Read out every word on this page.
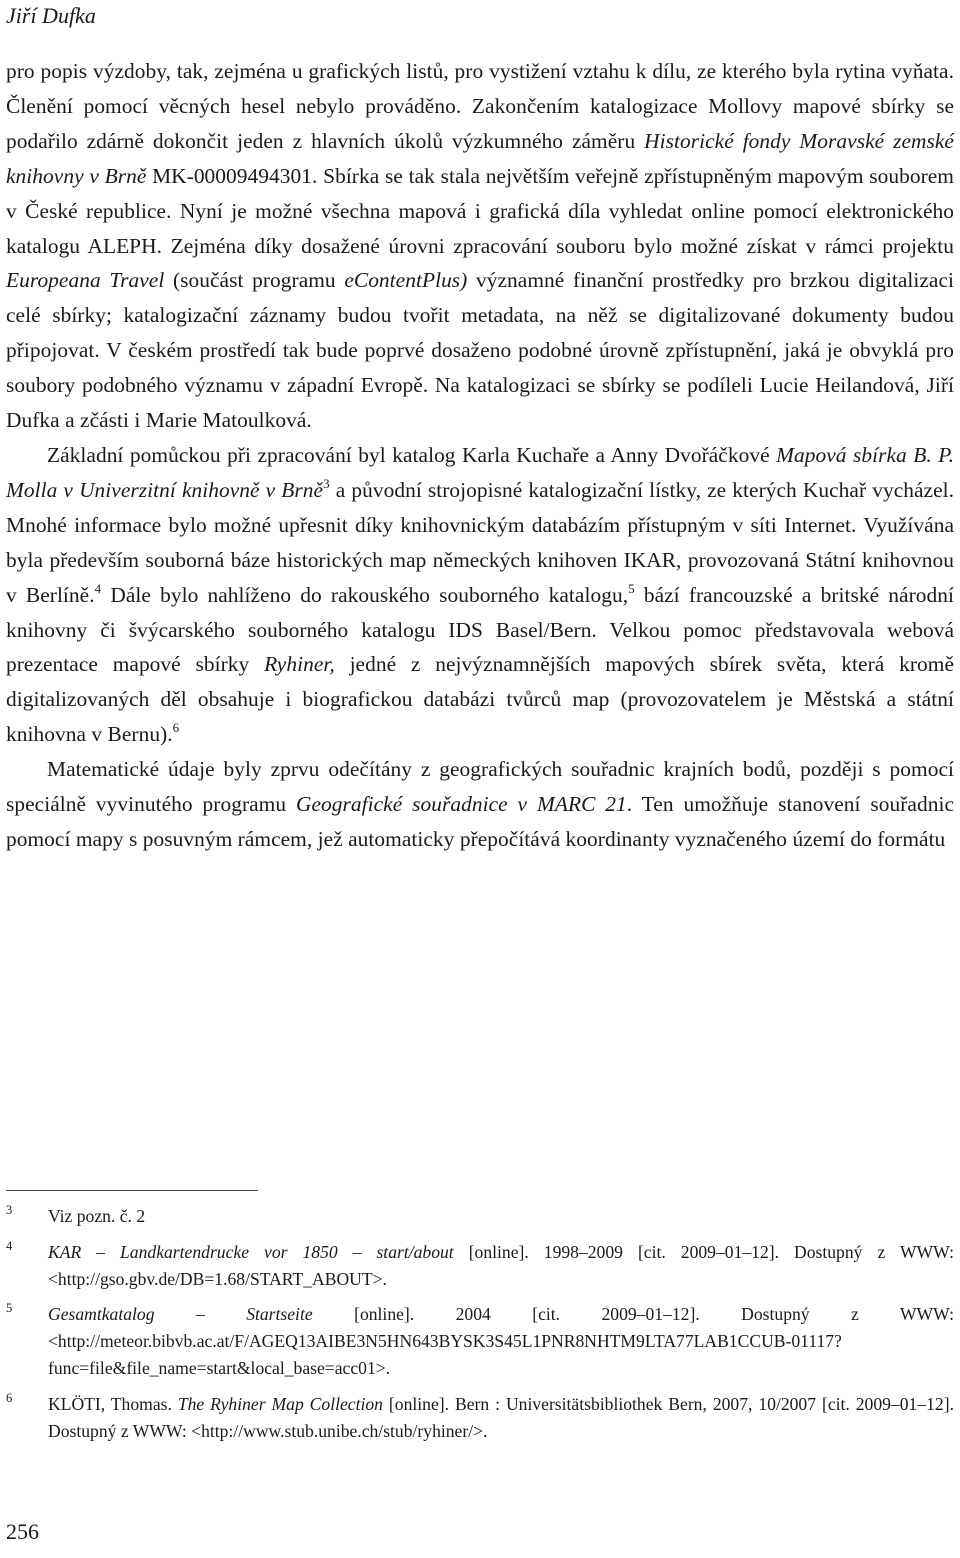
Jiří Dufka

pro popis výzdoby, tak, zejména u grafických listů, pro vystižení vztahu k dílu, ze kterého byla rytina vyňata. Členění pomocí věcných hesel nebylo prováděno. Zakončením katalogizace Mollovy mapové sbírky se podařilo zdárně dokončit jeden z hlavních úkolů výzkumného záměru Historické fondy Moravské zemské knihovny v Brně MK-00009494301. Sbírka se tak stala největším veřejně zpřístupněným mapovým souborem v České republice. Nyní je možné všechna mapová i grafická díla vyhledat online pomocí elektronického katalogu ALEPH. Zejména díky dosažené úrovni zpracování souboru bylo možné získat v rámci projektu Europeana Travel (součást programu eContentPlus) významné finanční prostředky pro brzkou digitalizaci celé sbírky; katalogizační záznamy budou tvořit metadata, na něž se digitalizované dokumenty budou připojovat. V českém prostředí tak bude poprvé dosaženo podobné úrovně zpřístupnění, jaká je obvyklá pro soubory podobného významu v západní Evropě. Na katalogizaci se sbírky se podíleli Lucie Heilandová, Jiří Dufka a zčásti i Marie Matoulková.

Základní pomůckou při zpracování byl katalog Karla Kuchaře a Anny Dvořáčkové Mapová sbírka B. P. Molla v Univerzitní knihovně v Brně$^3$ a původní strojopisné katalogizační lístky, ze kterých Kuchař vycházel. Mnohé informace bylo možné upřesnit díky knihovnickým databázím přístupným v síti Internet. Využívána byla především souborná báze historických map německých knihoven IKAR, provozovaná Státní knihovnou v Berlíně.$^4$ Dále bylo nahlíženo do rakouského souborného katalogu,$^5$ bází francouzské a britské národní knihovny či švýcarského souborného katalogu IDS Basel/Bern. Velkou pomoc představovala webová prezentace mapové sbírky Ryhiner, jedné z nejvýznamnějších mapových sbírek světa, která kromě digitalizovaných děl obsahuje i biografickou databázi tvůrců map (provozovatelem je Městská a státní knihovna v Bernu).$^6$

Matematické údaje byly zprvu odečítány z geografických souřadnic krajních bodů, později s pomocí speciálně vyvinutého programu Geografické souřadnice v MARC 21. Ten umožňuje stanovení souřadnic pomocí mapy s posuvným rámcem, jež automaticky přepočítává koordinanty vyznačeného území do formátu

3 Viz pozn. č. 2
4 KAR – Landkartendrucke vor 1850 – start/about [online]. 1998–2009 [cit. 2009–01–12]. Dostupný z WWW: <http://gso.gbv.de/DB=1.68/START_ABOUT>.
5 Gesamtkatalog – Startseite [online]. 2004 [cit. 2009–01–12]. Dostupný z WWW: <http://meteor.bibvb.ac.at/F/AGEQ13AIBE3N5HN643BYSK3S45L1PNR8NHTM9LTA77LAB1CCUB-01117?func=file&file_name=start&local_base=acc01>.
6 KLÖTI, Thomas. The Ryhiner Map Collection [online]. Bern : Universitätsbibliothek Bern, 2007, 10/2007 [cit. 2009–01–12]. Dostupný z WWW: <http://www.stub.unibe.ch/stub/ryhiner/>.
256
